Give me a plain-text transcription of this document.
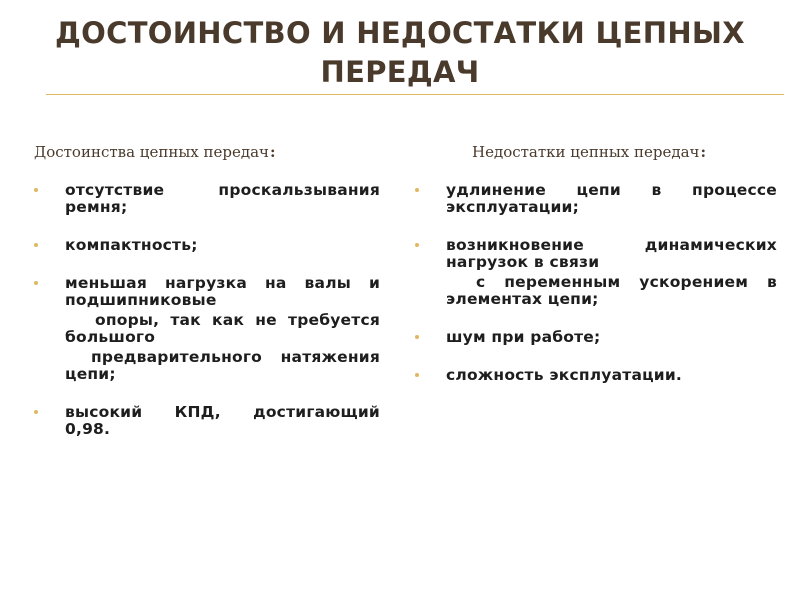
ДОСТОИНСТВО И НЕДОСТАТКИ ЦЕПНЫХ ПЕРЕДАЧ

Достоинства цепных передач:	Недостатки цепных передач:

отсутствие проскальзывания
ремня;
компактность;
меньшая нагрузка на валы и
подшипниковые
опоры, так как не требуется
большого
предварительного натяжения
цепи;
высокий КПД, достигающий
0,98.
удлинение цепи в процессе
эксплуатации;
возникновение динамических
нагрузок в связи
с переменным ускорением в
элементах цепи;
шум при работе;
сложность эксплуатации.
